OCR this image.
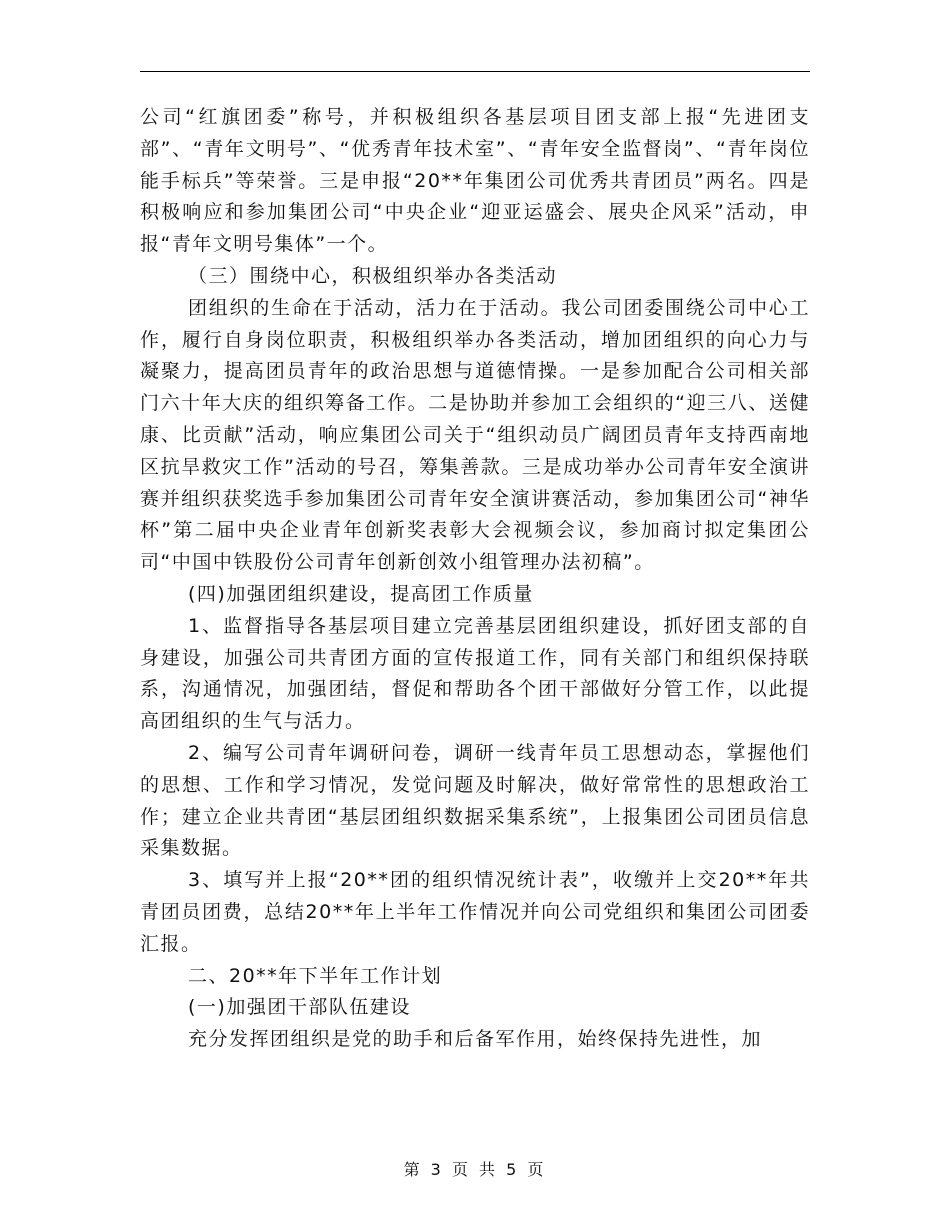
公司“红旗团委”称号，并积极组织各基层项目团支部上报“先进团支部”、“青年文明号”、“优秀青年技术室”、“青年安全监督岗”、“青年岗位能手标兵”等荣誉。三是申报“20**年集团公司优秀共青团员”两名。四是积极响应和参加集团公司“中央企业“迎亚运盛会、展央企风采”活动，申报“青年文明号集体”一个。

（三）围绕中心，积极组织举办各类活动

团组织的生命在于活动，活力在于活动。我公司团委围绕公司中心工作，履行自身岗位职责，积极组织举办各类活动，增加团组织的向心力与凝聚力，提高团员青年的政治思想与道德情操。一是参加配合公司相关部门六十年大庆的组织筹备工作。二是协助并参加工会组织的“迎三八、送健康、比贡献”活动，响应集团公司关于“组织动员广阔团员青年支持西南地区抗旱救灾工作”活动的号召，筹集善款。三是成功举办公司青年安全演讲赛并组织获奖选手参加集团公司青年安全演讲赛活动，参加集团公司“神华杯”第二届中央企业青年创新奖表彰大会视频会议，参加商讨拟定集团公司“中国中铁股份公司青年创新创效小组管理办法初稿”。

(四)加强团组织建设，提高团工作质量

1、监督指导各基层项目建立完善基层团组织建设，抓好团支部的自身建设，加强公司共青团方面的宣传报道工作，同有关部门和组织保持联系，沟通情况，加强团结，督促和帮助各个团干部做好分管工作，以此提高团组织的生气与活力。

2、编写公司青年调研问卷，调研一线青年员工思想动态，掌握他们的思想、工作和学习情况，发觉问题及时解决，做好常常性的思想政治工作；建立企业共青团“基层团组织数据采集系统”，上报集团公司团员信息采集数据。

3、填写并上报“20**团的组织情况统计表”，收缴并上交20**年共青团员团费，总结20**年上半年工作情况并向公司党组织和集团公司团委汇报。

二、20**年下半年工作计划

(一)加强团干部队伍建设

充分发挥团组织是党的助手和后备军作用，始终保持先进性，加

第 3 页 共 5 页
